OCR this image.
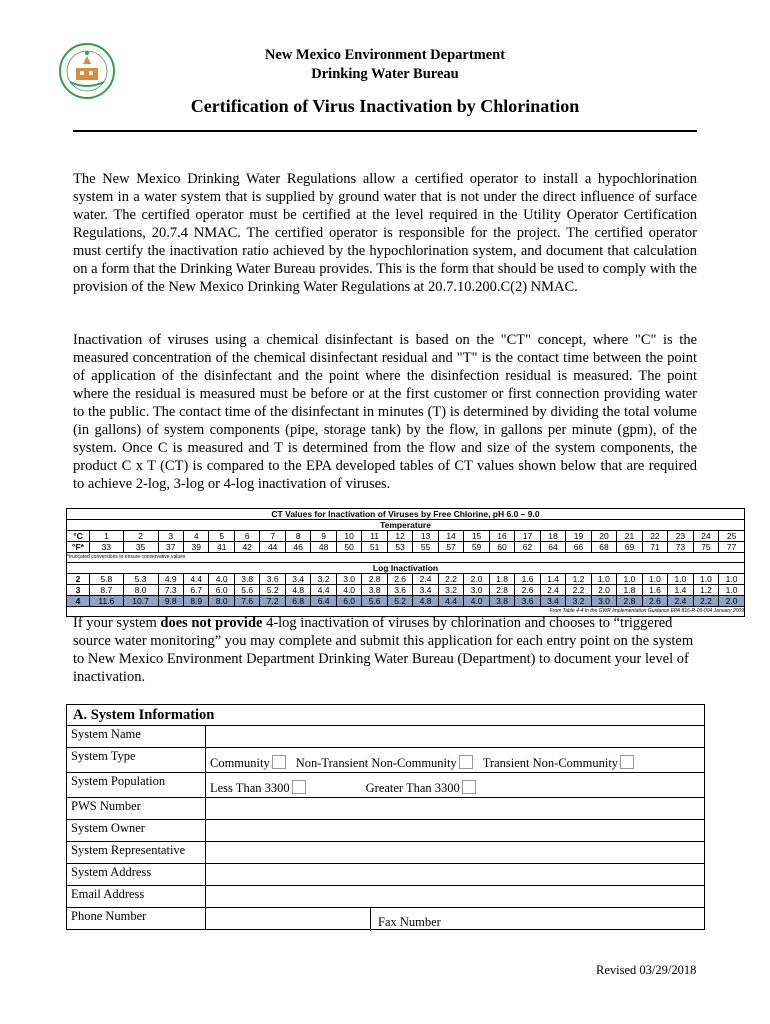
New Mexico Environment Department
Drinking Water Bureau
Certification of Virus Inactivation by Chlorination

The New Mexico Drinking Water Regulations allow a certified operator to install a hypochlorination system in a water system that is supplied by ground water that is not under the direct influence of surface water. The certified operator must be certified at the level required in the Utility Operator Certification Regulations, 20.7.4 NMAC. The certified operator is responsible for the project. The certified operator must certify the inactivation ratio achieved by the hypochlorination system, and document that calculation on a form that the Drinking Water Bureau provides. This is the form that should be used to comply with the provision of the New Mexico Drinking Water Regulations at 20.7.10.200.C(2) NMAC.

Inactivation of viruses using a chemical disinfectant is based on the "CT" concept, where "C" is the measured concentration of the chemical disinfectant residual and "T" is the contact time between the point of application of the disinfectant and the point where the disinfection residual is measured. The point where the residual is measured must be before or at the first customer or first connection providing water to the public. The contact time of the disinfectant in minutes (T) is determined by dividing the total volume (in gallons) of system components (pipe, storage tank) by the flow, in gallons per minute (gpm), of the system. Once C is measured and T is determined from the flow and size of the system components, the product C x T (CT) is compared to the EPA developed tables of CT values shown below that are required to achieve 2-log, 3-log or 4-log inactivation of viruses.

CT Values for Inactivation of Viruses by Free Chlorine, pH 6.0 – 9.0																									
Temperature																									
°C	1	2	3	4	5	6	7	8	9	10	11	12	13	14	15	16	17	18	19	20	21	22	23	24	25
°F*	33	35	37	39	41	42	44	46	48	50	51	53	55	57	59	60	62	64	66	68	69	71	73	75	77
*truncated conversions to ensure conservative values																									
Log Inactivation																									
2	5.8	5.3	4.9	4.4	4.0	3.8	3.6	3.4	3.2	3.0	2.8	2.6	2.4	2.2	2.0	1.8	1.6	1.4	1.2	1.0	1.0	1.0	1.0	1.0	1.0
3	8.7	8.0	7.3	6.7	6.0	5.6	5.2	4.8	4.4	4.0	3.8	3.6	3.4	3.2	3.0	2.8	2.6	2.4	2.2	2.0	1.8	1.6	1.4	1.2	1.0
4	11.6	10.7	9.8	8.9	8.0	7.6	7.2	6.8	6.4	6.0	5.6	5.2	4.8	4.4	4.0	3.8	3.6	3.4	3.2	3.0	2.8	2.6	2.4	2.2	2.0
From Table 4-4 In the GWR Implementation Guidance EPA 816-R-09-004 January 2009																									

If your system does not provide 4-log inactivation of viruses by chlorination and chooses to “triggered source water monitoring” you may complete and submit this application for each entry point on the system to New Mexico Environment Department Drinking Water Bureau (Department) to document your level of inactivation.

A. System Information	
System Name	
System Type	Community Non-Transient Non-Community Transient Non-Community
System Population	Less Than 3300 Greater Than 3300
PWS Number	
System Owner	
System Representative	
System Address	
Email Address	
Phone Number	Fax Number
Revised 03/29/2018
